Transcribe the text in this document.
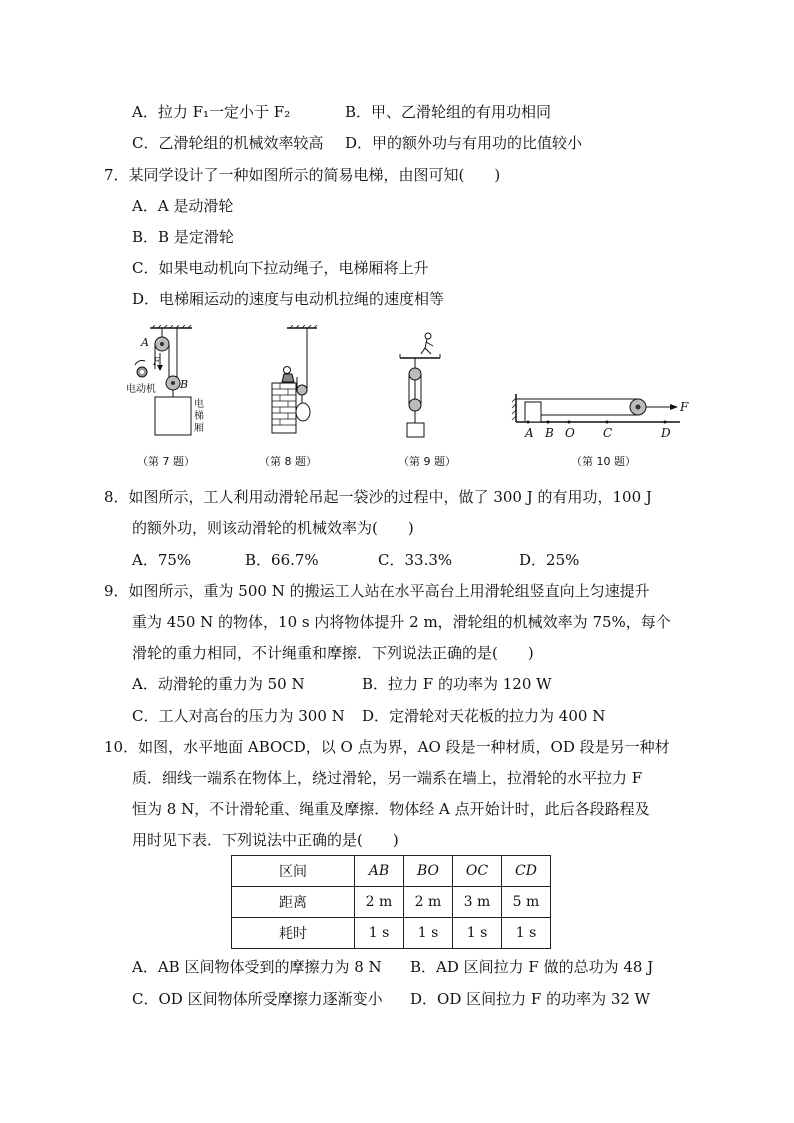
A．拉力 F₁一定小于 F₂	B．甲、乙滑轮组的有用功相同
C．乙滑轮组的机械效率较高 D．甲的额外功与有用功的比值较小
7．某同学设计了一种如图所示的简易电梯，由图可知(　　)
A．A 是动滑轮
B．B 是定滑轮
C．如果电动机向下拉动绳子，电梯厢将上升
D．电梯厢运动的速度与电动机拉绳的速度相等
A
F
B
电动机
电
梯
厢
F
A B O C	D
（第 7 题）	（第 8 题）	（第 9 题）	（第 10 题）
8．如图所示，工人利用动滑轮吊起一袋沙的过程中，做了 300 J 的有用功，100 J
的额外功，则该动滑轮的机械效率为(　　)
A．75%	B．66.7%	C．33.3%	D．25%
9．如图所示，重为 500 N 的搬运工人站在水平高台上用滑轮组竖直向上匀速提升
重为 450 N 的物体，10 s 内将物体提升 2 m，滑轮组的机械效率为 75%，每个
滑轮的重力相同，不计绳重和摩擦．下列说法正确的是(　　)
A．动滑轮的重力为 50 N	B．拉力 F 的功率为 120 W
C．工人对高台的压力为 300 N D．定滑轮对天花板的拉力为 400 N
10．如图，水平地面 ABOCD，以 O 点为界，AO 段是一种材质，OD 段是另一种材
质．细线一端系在物体上，绕过滑轮，另一端系在墙上，拉滑轮的水平拉力 F
恒为 8 N，不计滑轮重、绳重及摩擦．物体经 A 点开始计时，此后各段路程及
用时见下表．下列说法中正确的是(　　)
区间	AB	BO	OC	CD
距离	2 m	2 m	3 m	5 m
耗时	1 s	1 s	1 s	1 s
A．AB 区间物体受到的摩擦力为 8 N B．AD 区间拉力 F 做的总功为 48 J
C．OD 区间物体所受摩擦力逐渐变小 D．OD 区间拉力 F 的功率为 32 W
